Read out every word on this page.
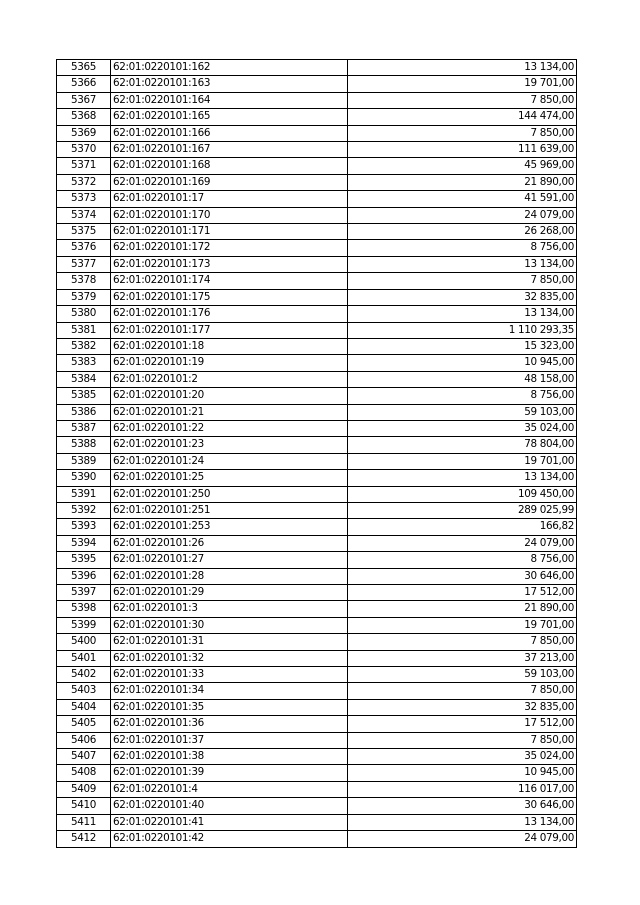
5365	62:01:0220101:162	13 134,00
5366	62:01:0220101:163	19 701,00
5367	62:01:0220101:164	7 850,00
5368	62:01:0220101:165	144 474,00
5369	62:01:0220101:166	7 850,00
5370	62:01:0220101:167	111 639,00
5371	62:01:0220101:168	45 969,00
5372	62:01:0220101:169	21 890,00
5373	62:01:0220101:17	41 591,00
5374	62:01:0220101:170	24 079,00
5375	62:01:0220101:171	26 268,00
5376	62:01:0220101:172	8 756,00
5377	62:01:0220101:173	13 134,00
5378	62:01:0220101:174	7 850,00
5379	62:01:0220101:175	32 835,00
5380	62:01:0220101:176	13 134,00
5381	62:01:0220101:177	1 110 293,35
5382	62:01:0220101:18	15 323,00
5383	62:01:0220101:19	10 945,00
5384	62:01:0220101:2	48 158,00
5385	62:01:0220101:20	8 756,00
5386	62:01:0220101:21	59 103,00
5387	62:01:0220101:22	35 024,00
5388	62:01:0220101:23	78 804,00
5389	62:01:0220101:24	19 701,00
5390	62:01:0220101:25	13 134,00
5391	62:01:0220101:250	109 450,00
5392	62:01:0220101:251	289 025,99
5393	62:01:0220101:253	166,82
5394	62:01:0220101:26	24 079,00
5395	62:01:0220101:27	8 756,00
5396	62:01:0220101:28	30 646,00
5397	62:01:0220101:29	17 512,00
5398	62:01:0220101:3	21 890,00
5399	62:01:0220101:30	19 701,00
5400	62:01:0220101:31	7 850,00
5401	62:01:0220101:32	37 213,00
5402	62:01:0220101:33	59 103,00
5403	62:01:0220101:34	7 850,00
5404	62:01:0220101:35	32 835,00
5405	62:01:0220101:36	17 512,00
5406	62:01:0220101:37	7 850,00
5407	62:01:0220101:38	35 024,00
5408	62:01:0220101:39	10 945,00
5409	62:01:0220101:4	116 017,00
5410	62:01:0220101:40	30 646,00
5411	62:01:0220101:41	13 134,00
5412	62:01:0220101:42	24 079,00
